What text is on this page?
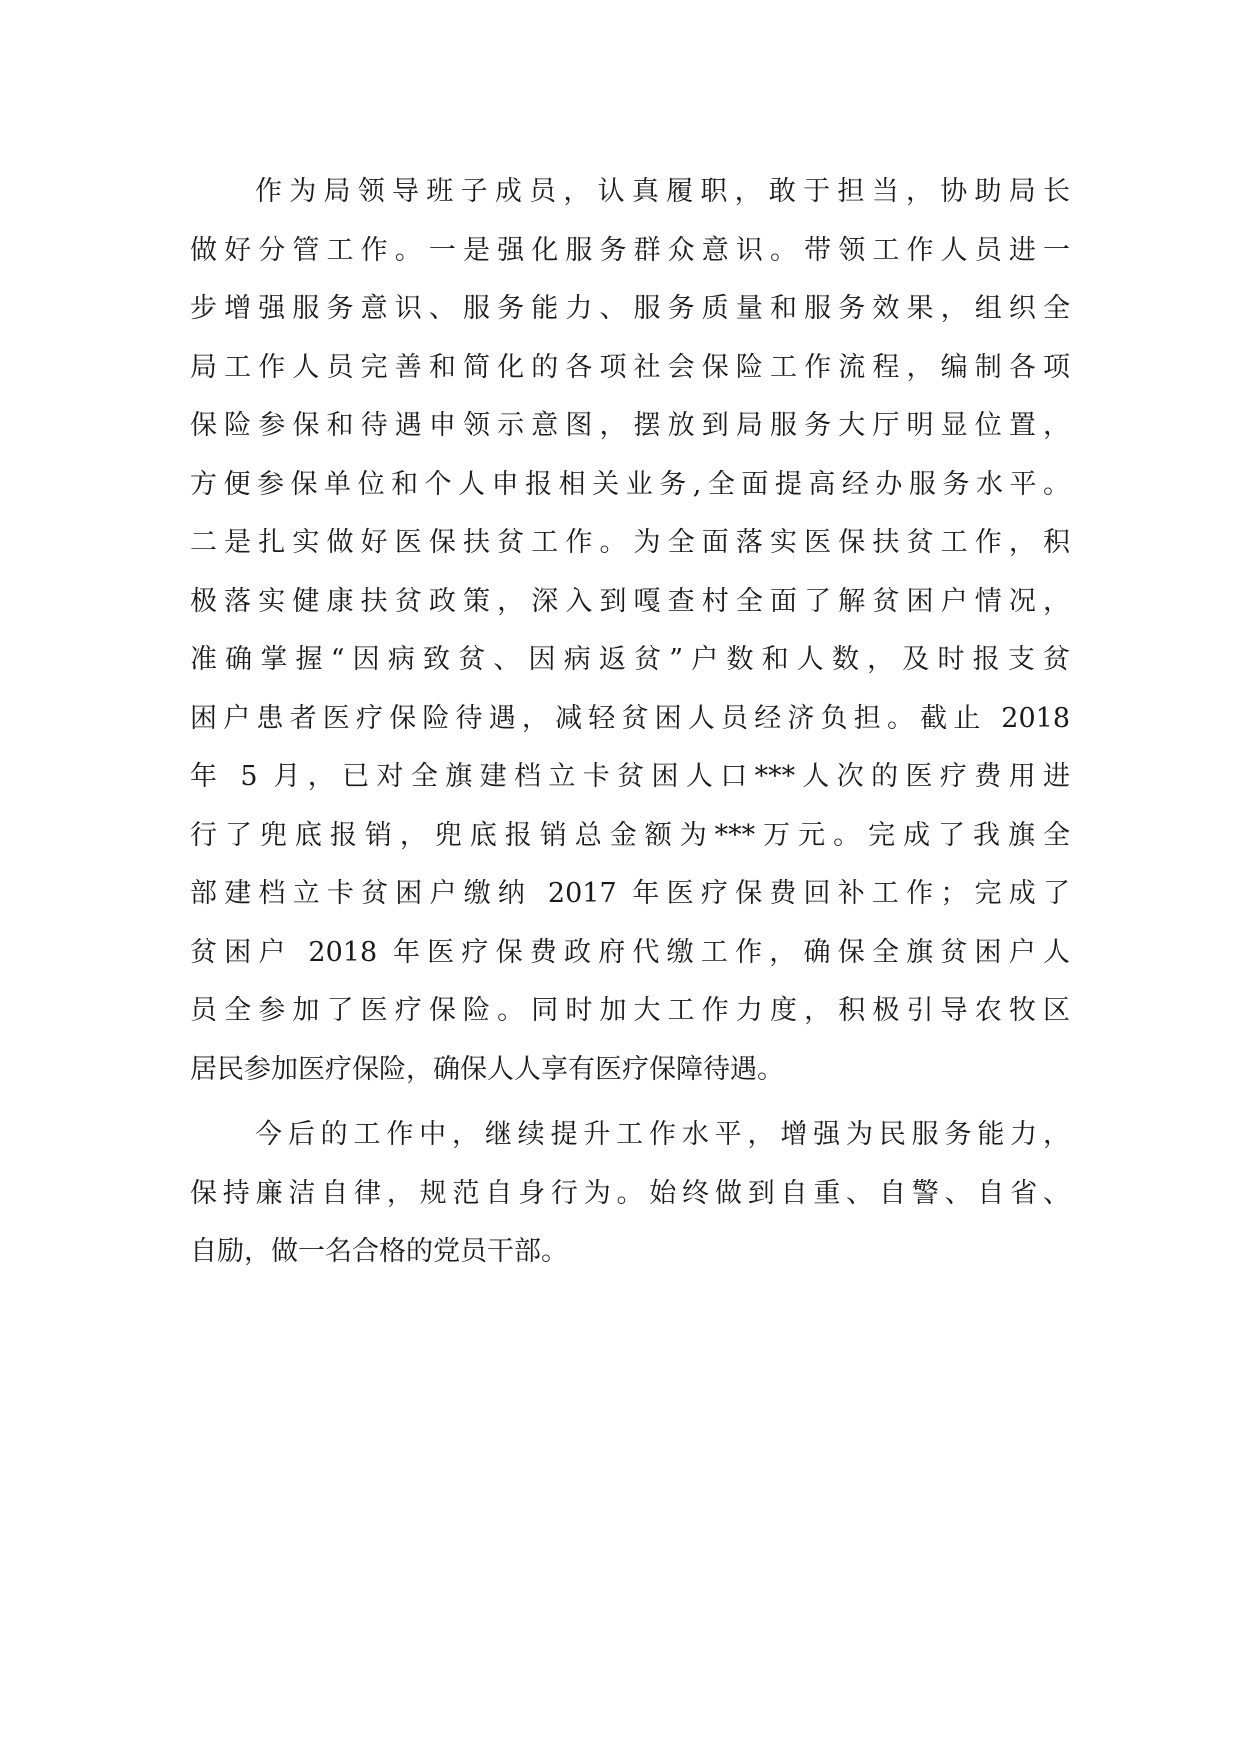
作为局领导班子成员，认真履职，敢于担当，协助局长
做好分管工作。一是强化服务群众意识。带领工作人员进一
步增强服务意识、服务能力、服务质量和服务效果，组织全
局工作人员完善和简化的各项社会保险工作流程，编制各项
保险参保和待遇申领示意图，摆放到局服务大厅明显位置，
方便参保单位和个人申报相关业务,全面提高经办服务水平。
二是扎实做好医保扶贫工作。为全面落实医保扶贫工作，积
极落实健康扶贫政策，深入到嘎查村全面了解贫困户情况，
准确掌握“因病致贫、因病返贫”户数和人数，及时报支贫
困户患者医疗保险待遇，减轻贫困人员经济负担。截止 2018
年 5 月，已对全旗建档立卡贫困人口***人次的医疗费用进
行了兜底报销，兜底报销总金额为***万元。完成了我旗全
部建档立卡贫困户缴纳 2017 年医疗保费回补工作；完成了
贫困户 2018 年医疗保费政府代缴工作，确保全旗贫困户人
员全参加了医疗保险。同时加大工作力度，积极引导农牧区
居民参加医疗保险，确保人人享有医疗保障待遇。
今后的工作中，继续提升工作水平，增强为民服务能力，
保持廉洁自律，规范自身行为。始终做到自重、自警、自省、
自励，做一名合格的党员干部。
